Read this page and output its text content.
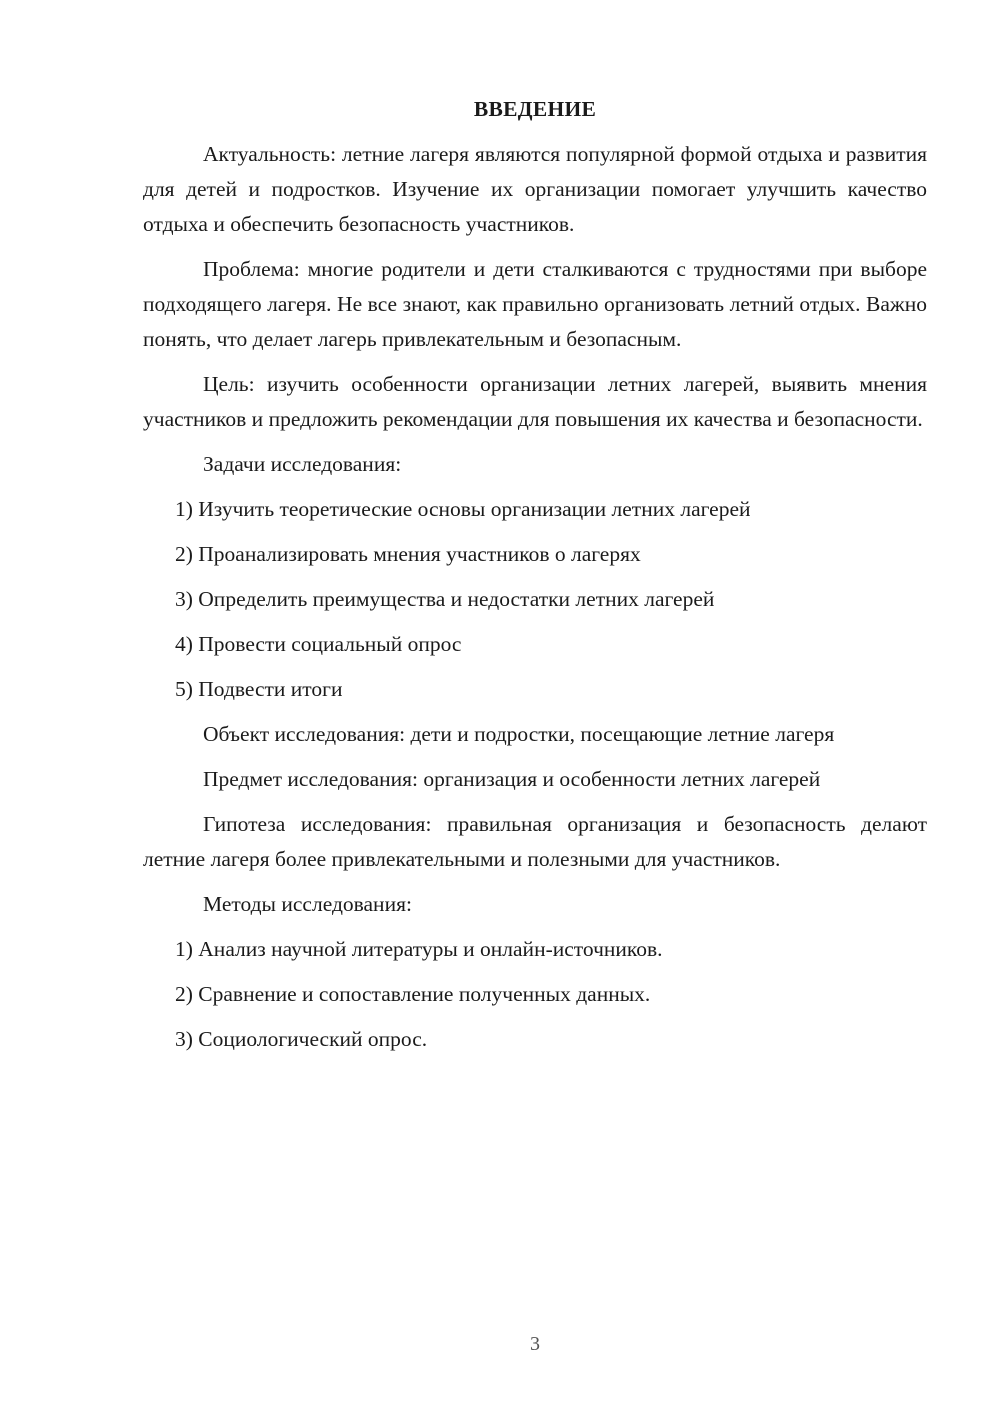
ВВЕДЕНИЕ

Актуальность: летние лагеря являются популярной формой отдыха и развития для детей и подростков. Изучение их организации помогает улучшить качество отдыха и обеспечить безопасность участников.

Проблема: многие родители и дети сталкиваются с трудностями при выборе подходящего лагеря. Не все знают, как правильно организовать летний отдых. Важно понять, что делает лагерь привлекательным и безопасным.

Цель: изучить особенности организации летних лагерей, выявить мнения участников и предложить рекомендации для повышения их качества и безопасности.

Задачи исследования:
1) Изучить теоретические основы организации летних лагерей
2) Проанализировать мнения участников о лагерях
3) Определить преимущества и недостатки летних лагерей
4) Провести социальный опрос
5) Подвести итоги
Объект исследования: дети и подростки, посещающие летние лагеря
Предмет исследования: организация и особенности летних лагерей

Гипотеза исследования: правильная организация и безопасность делают летние лагеря более привлекательными и полезными для участников.

Методы исследования:
1) Анализ научной литературы и онлайн-источников.
2) Сравнение и сопоставление полученных данных.
3) Социологический опрос.
3
